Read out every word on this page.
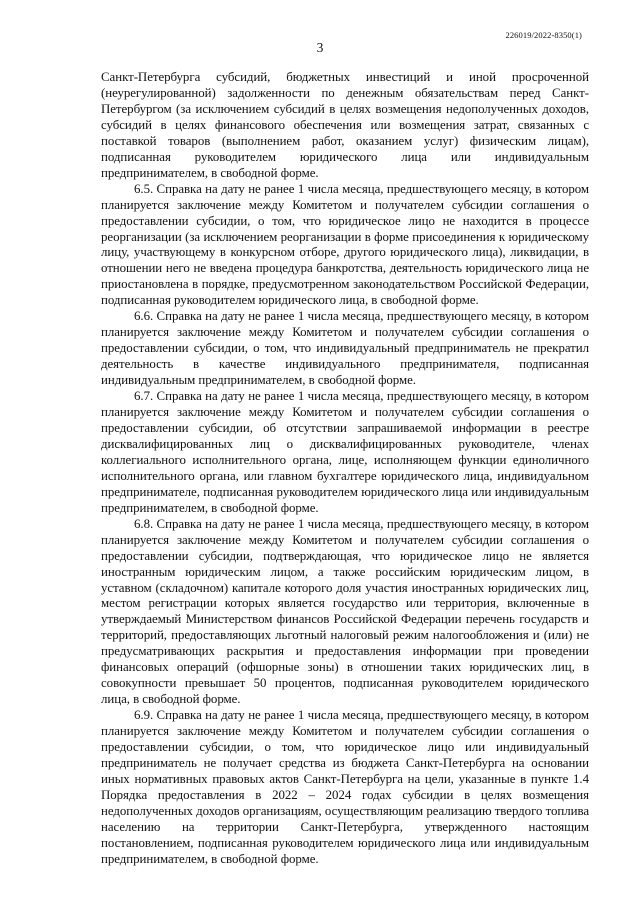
226019/2022-8350(1)
3

Санкт-Петербурга субсидий, бюджетных инвестиций и иной просроченной (неурегулированной) задолженности по денежным обязательствам перед Санкт-Петербургом (за исключением субсидий в целях возмещения недополученных доходов, субсидий в целях финансового обеспечения или возмещения затрат, связанных с поставкой товаров (выполнением работ, оказанием услуг) физическим лицам), подписанная руководителем юридического лица или индивидуальным предпринимателем, в свободной форме.

6.5. Справка на дату не ранее 1 числа месяца, предшествующего месяцу, в котором планируется заключение между Комитетом и получателем субсидии соглашения о предоставлении субсидии, о том, что юридическое лицо не находится в процессе реорганизации (за исключением реорганизации в форме присоединения к юридическому лицу, участвующему в конкурсном отборе, другого юридического лица), ликвидации, в отношении него не введена процедура банкротства, деятельность юридического лица не приостановлена в порядке, предусмотренном законодательством Российской Федерации, подписанная руководителем юридического лица, в свободной форме.

6.6. Справка на дату не ранее 1 числа месяца, предшествующего месяцу, в котором планируется заключение между Комитетом и получателем субсидии соглашения о предоставлении субсидии, о том, что индивидуальный предприниматель не прекратил деятельность в качестве индивидуального предпринимателя, подписанная индивидуальным предпринимателем, в свободной форме.

6.7. Справка на дату не ранее 1 числа месяца, предшествующего месяцу, в котором планируется заключение между Комитетом и получателем субсидии соглашения о предоставлении субсидии, об отсутствии запрашиваемой информации в реестре дисквалифицированных лиц о дисквалифицированных руководителе, членах коллегиального исполнительного органа, лице, исполняющем функции единоличного исполнительного органа, или главном бухгалтере юридического лица, индивидуальном предпринимателе, подписанная руководителем юридического лица или индивидуальным предпринимателем, в свободной форме.

6.8. Справка на дату не ранее 1 числа месяца, предшествующего месяцу, в котором планируется заключение между Комитетом и получателем субсидии соглашения о предоставлении субсидии, подтверждающая, что юридическое лицо не является иностранным юридическим лицом, а также российским юридическим лицом, в уставном (складочном) капитале которого доля участия иностранных юридических лиц, местом регистрации которых является государство или территория, включенные в утверждаемый Министерством финансов Российской Федерации перечень государств и территорий, предоставляющих льготный налоговый режим налогообложения и (или) не предусматривающих раскрытия и предоставления информации при проведении финансовых операций (офшорные зоны) в отношении таких юридических лиц, в совокупности превышает 50 процентов, подписанная руководителем юридического лица, в свободной форме.

6.9. Справка на дату не ранее 1 числа месяца, предшествующего месяцу, в котором планируется заключение между Комитетом и получателем субсидии соглашения о предоставлении субсидии, о том, что юридическое лицо или индивидуальный предприниматель не получает средства из бюджета Санкт-Петербурга на основании иных нормативных правовых актов Санкт-Петербурга на цели, указанные в пункте 1.4 Порядка предоставления в 2022 – 2024 годах субсидии в целях возмещения недополученных доходов организациям, осуществляющим реализацию твердого топлива населению на территории Санкт-Петербурга, утвержденного настоящим постановлением, подписанная руководителем юридического лица или индивидуальным предпринимателем, в свободной форме.
